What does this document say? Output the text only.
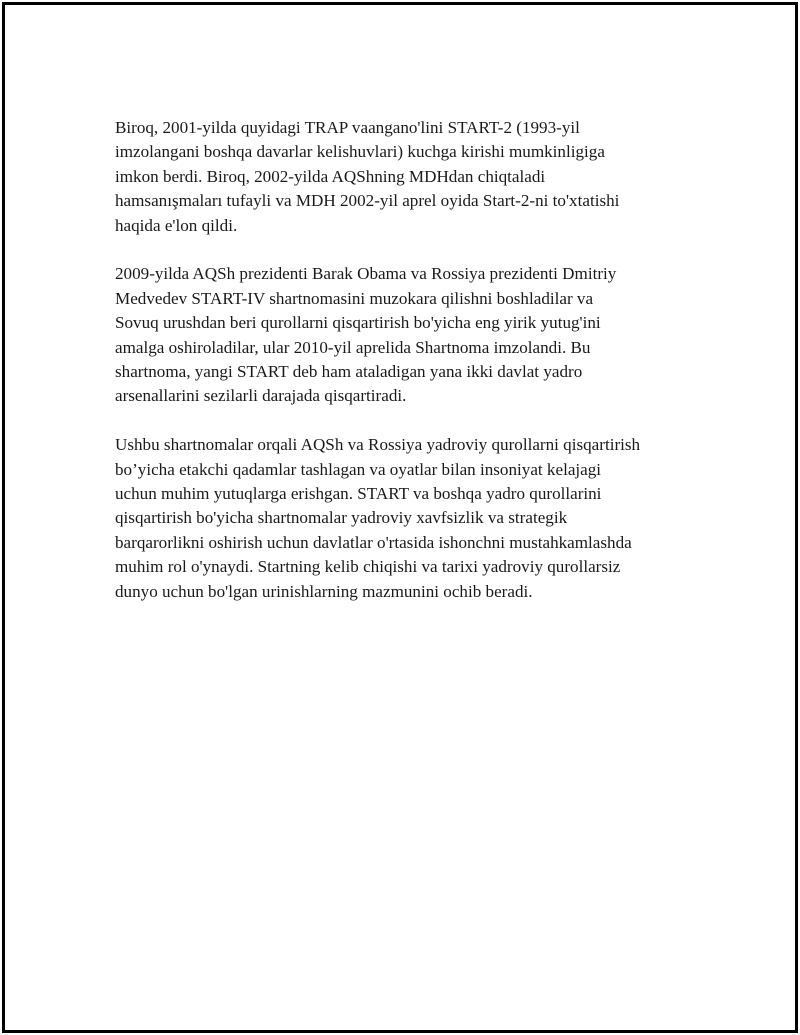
Biroq, 2001-yilda quyidagi TRAP vaangano'lini START-2 (1993-yil
imzolangani boshqa davarlar kelishuvlari) kuchga kirishi mumkinligiga
imkon berdi. Biroq, 2002-yilda AQShning MDHdan chiqtaladi
hamsanışmaları tufayli va MDH 2002-yil aprel oyida Start-2-ni to'xtatishi
haqida e'lon qildi.

2009-yilda AQSh prezidenti Barak Obama va Rossiya prezidenti Dmitriy
Medvedev START-IV shartnomasini muzokara qilishni boshladilar va
Sovuq urushdan beri qurollarni qisqartirish bo'yicha eng yirik yutug'ini
amalga oshiroladilar, ular 2010-yil aprelida Shartnoma imzolandi. Bu
shartnoma, yangi START deb ham ataladigan yana ikki davlat yadro
arsenallarini sezilarli darajada qisqartiradi.

Ushbu shartnomalar orqali AQSh va Rossiya yadroviy qurollarni qisqartirish
bo’yicha etakchi qadamlar tashlagan va oyatlar bilan insoniyat kelajagi
uchun muhim yutuqlarga erishgan. START va boshqa yadro qurollarini
qisqartirish bo'yicha shartnomalar yadroviy xavfsizlik va strategik
barqarorlikni oshirish uchun davlatlar o'rtasida ishonchni mustahkamlashda
muhim rol o'ynaydi. Startning kelib chiqishi va tarixi yadroviy qurollarsiz
dunyo uchun bo'lgan urinishlarning mazmunini ochib beradi.
